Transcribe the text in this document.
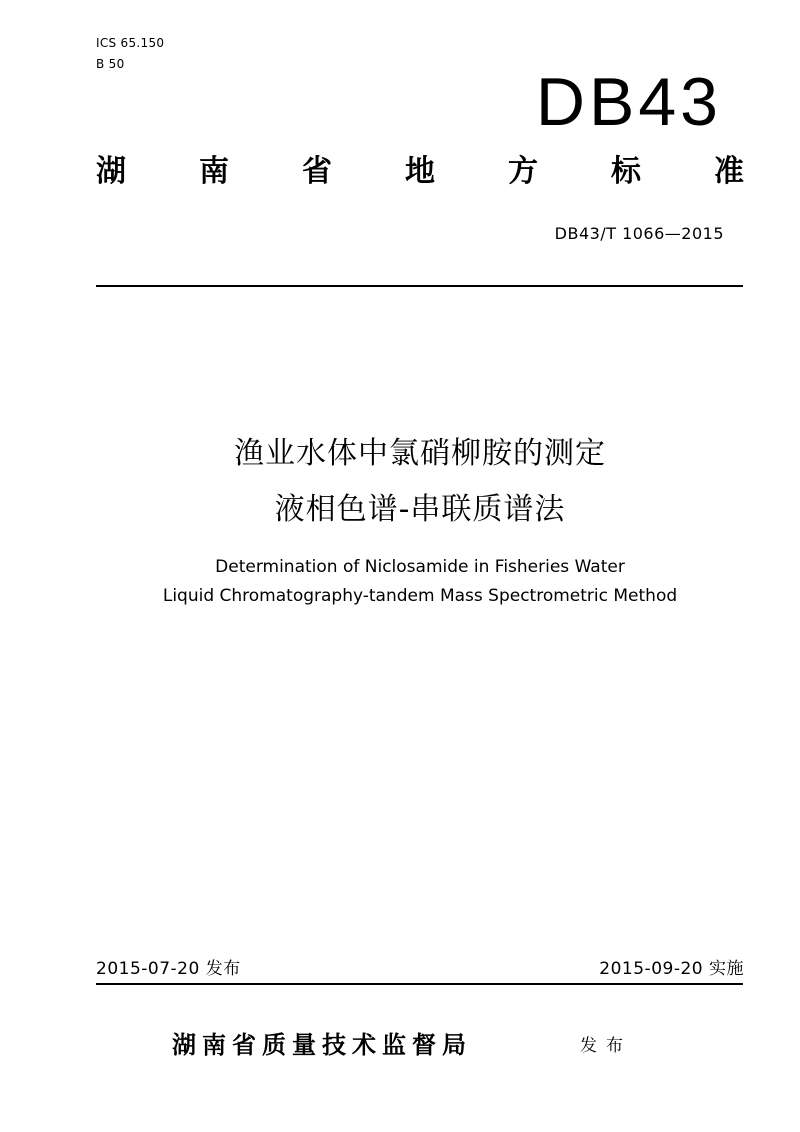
ICS 65.150
B 50	DB43
湖 南 省 地 方 标 准
DB43/T 1066—2015
渔业水体中氯硝柳胺的测定
液相色谱-串联质谱法
Determination of Niclosamide in Fisheries Water
Liquid Chromatography-tandem Mass Spectrometric Method
2015-07-20 发布	2015-09-20 实施
湖南省质量技术监督局	发布
